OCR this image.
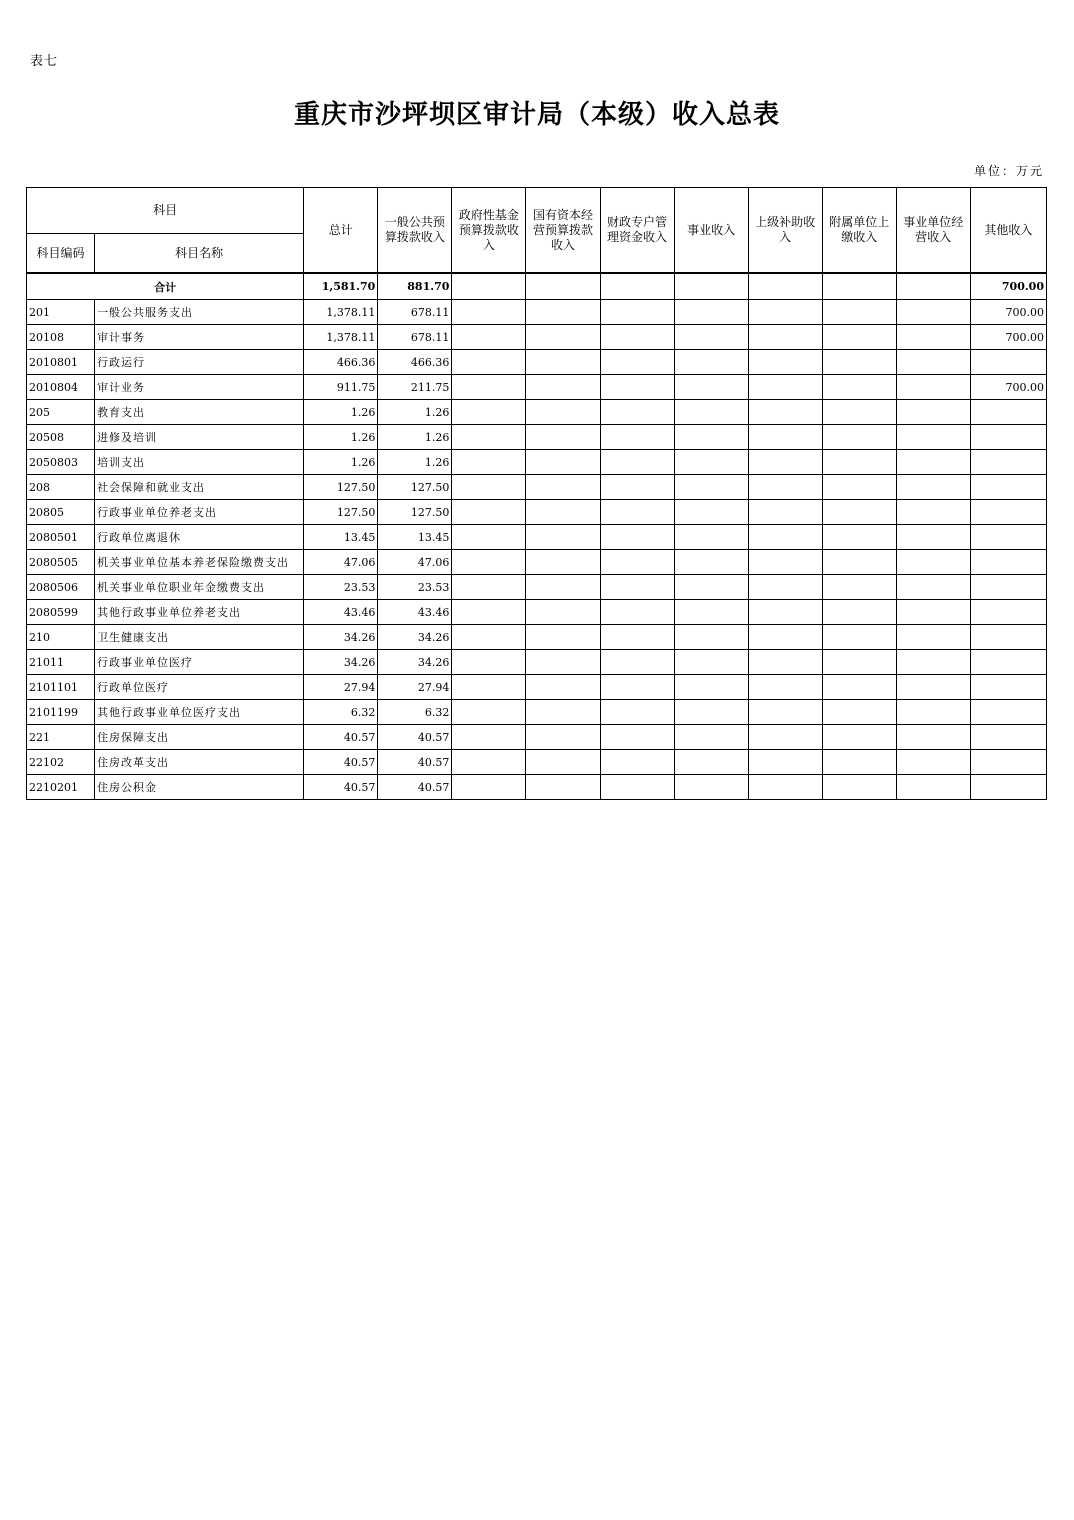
表七
重庆市沙坪坝区审计局（本级）收入总表
单位：万元
科目		总计	一般公共预算拨款收入	政府性基金预算拨款收入	国有资本经营预算拨款收入	财政专户管理资金收入	事业收入	上级补助收入	附属单位上缴收入	事业单位经营收入	其他收入
科目编码	科目名称										
合计		1,581.70	881.70								700.00
201	一般公共服务支出	1,378.11	678.11								700.00
20108	审计事务	1,378.11	678.11								700.00
2010801	行政运行	466.36	466.36								
2010804	审计业务	911.75	211.75								700.00
205	教育支出	1.26	1.26								
20508	进修及培训	1.26	1.26								
2050803	培训支出	1.26	1.26								
208	社会保障和就业支出	127.50	127.50								
20805	行政事业单位养老支出	127.50	127.50								
2080501	行政单位离退休	13.45	13.45								
2080505	机关事业单位基本养老保险缴费支出	47.06	47.06								
2080506	机关事业单位职业年金缴费支出	23.53	23.53								
2080599	其他行政事业单位养老支出	43.46	43.46								
210	卫生健康支出	34.26	34.26								
21011	行政事业单位医疗	34.26	34.26								
2101101	行政单位医疗	27.94	27.94								
2101199	其他行政事业单位医疗支出	6.32	6.32								
221	住房保障支出	40.57	40.57								
22102	住房改革支出	40.57	40.57								
2210201	住房公积金	40.57	40.57								
